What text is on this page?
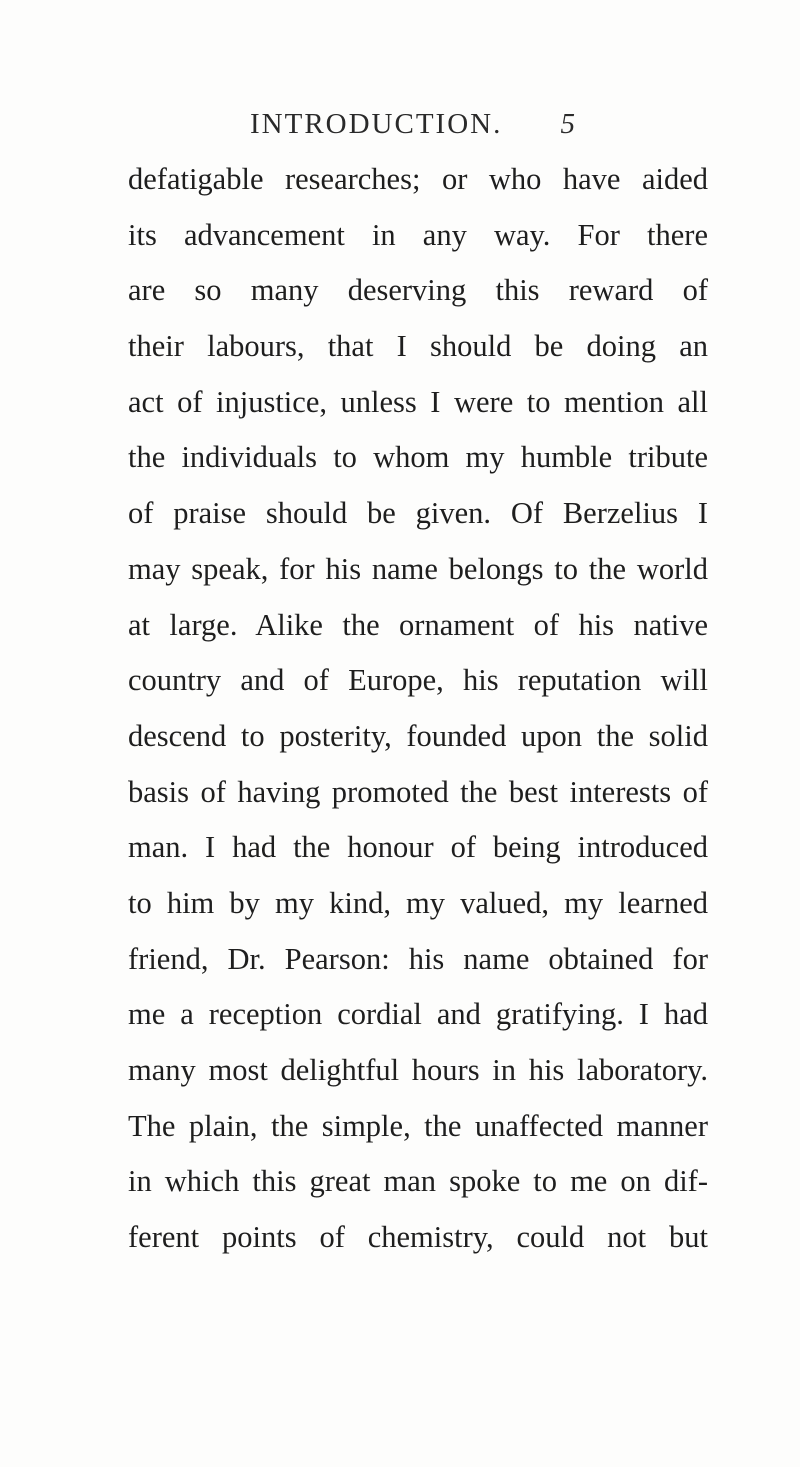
INTRODUCTION. 5
defatigable researches; or who have aided
its advancement in any way. For there
are so many deserving this reward of
their labours, that I should be doing an
act of injustice, unless I were to mention all
the individuals to whom my humble tribute
of praise should be given. Of Berzelius I
may speak, for his name belongs to the world
at large. Alike the ornament of his native
country and of Europe, his reputation will
descend to posterity, founded upon the solid
basis of having promoted the best interests of
man. I had the honour of being introduced
to him by my kind, my valued, my learned
friend, Dr. Pearson: his name obtained for
me a reception cordial and gratifying. I had
many most delightful hours in his laboratory.
The plain, the simple, the unaffected manner
in which this great man spoke to me on dif-
ferent points of chemistry, could not but
